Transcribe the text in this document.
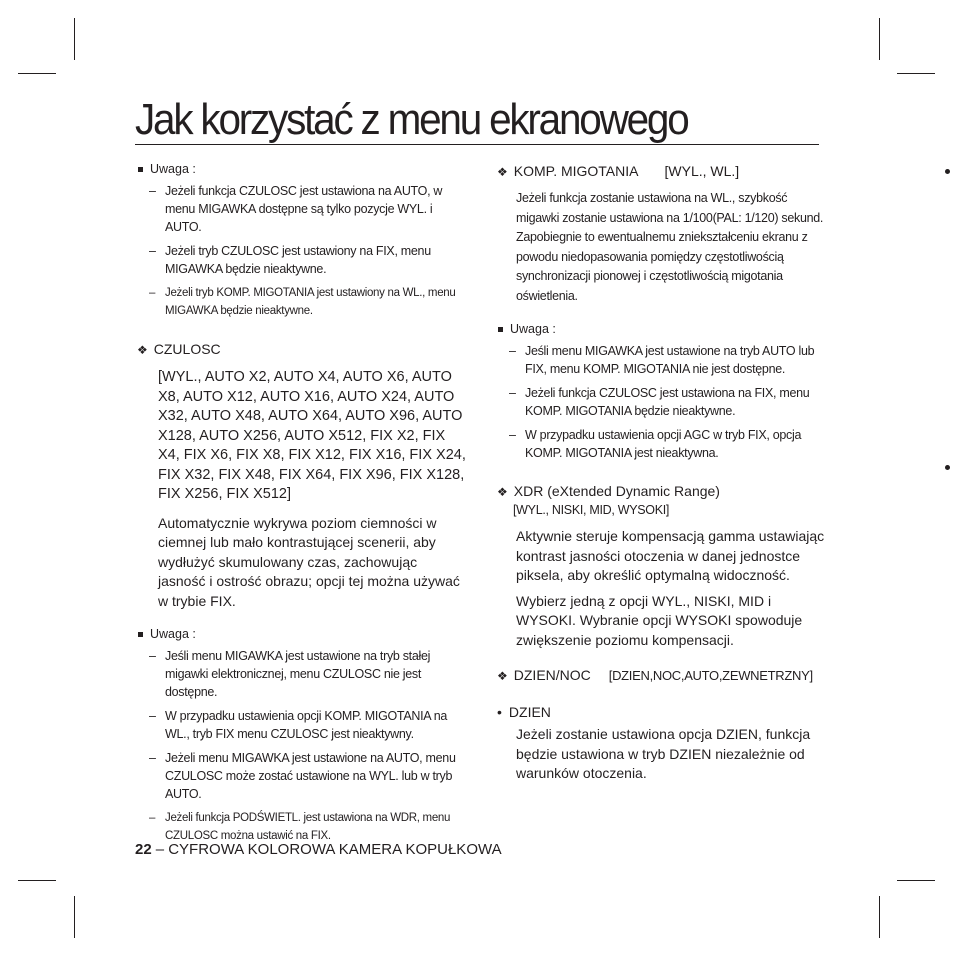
Jak korzystać z menu ekranowego
Uwaga :
– Jeżeli funkcja CZULOSC jest ustawiona na AUTO, w menu MIGAWKA dostępne są tylko pozycje WYL. i AUTO.
– Jeżeli tryb CZULOSC jest ustawiony na FIX, menu MIGAWKA będzie nieaktywne.
– Jeżeli tryb KOMP. MIGOTANIA jest ustawiony na WL., menu MIGAWKA będzie nieaktywne.
❖ CZULOSC
[WYL., AUTO X2, AUTO X4, AUTO X6, AUTO X8, AUTO X12, AUTO X16, AUTO X24, AUTO X32, AUTO X48, AUTO X64, AUTO X96, AUTO X128, AUTO X256, AUTO X512, FIX X2, FIX X4, FIX X6, FIX X8, FIX X12, FIX X16, FIX X24, FIX X32, FIX X48, FIX X64, FIX X96, FIX X128, FIX X256, FIX X512]
Automatycznie wykrywa poziom ciemności w ciemnej lub mało kontrastującej scenerii, aby wydłużyć skumulowany czas, zachowując jasność i ostrość obrazu; opcji tej można używać w trybie FIX.
Uwaga :
– Jeśli menu MIGAWKA jest ustawione na tryb stałej migawki elektronicznej, menu CZULOSC nie jest dostępne.
– W przypadku ustawienia opcji KOMP. MIGOTANIA na WL., tryb FIX menu CZULOSC jest nieaktywny.
– Jeżeli menu MIGAWKA jest ustawione na AUTO, menu CZULOSC może zostać ustawione na WYL. lub w tryb AUTO.
– Jeżeli funkcja PODŚWIETL. jest ustawiona na WDR, menu CZULOSC można ustawić na FIX.
❖ KOMP. MIGOTANIA [WYL., WL.]
Jeżeli funkcja zostanie ustawiona na WL., szybkość migawki zostanie ustawiona na 1/100(PAL: 1/120) sekund. Zapobiegnie to ewentualnemu zniekształceniu ekranu z powodu niedopasowania pomiędzy częstotliwością synchronizacji pionowej i częstotliwością migotania oświetlenia.
Uwaga :
– Jeśli menu MIGAWKA jest ustawione na tryb AUTO lub FIX, menu KOMP. MIGOTANIA nie jest dostępne.
– Jeżeli funkcja CZULOSC jest ustawiona na FIX, menu KOMP. MIGOTANIA będzie nieaktywne.
– W przypadku ustawienia opcji AGC w tryb FIX, opcja KOMP. MIGOTANIA jest nieaktywna.
❖ XDR (eXtended Dynamic Range)
[WYL., NISKI, MID, WYSOKI]
Aktywnie steruje kompensacją gamma ustawiając kontrast jasności otoczenia w danej jednostce piksela, aby określić optymalną widoczność.
Wybierz jedną z opcji WYL., NISKI, MID i WYSOKI. Wybranie opcji WYSOKI spowoduje zwiększenie poziomu kompensacji.
❖ DZIEN/NOC [DZIEN,NOC,AUTO,ZEWNETRZNY]
• DZIEN
Jeżeli zostanie ustawiona opcja DZIEN, funkcja będzie ustawiona w tryb DZIEN niezależnie od warunków otoczenia.
22 – CYFROWA KOLOROWA KAMERA KOPUŁKOWA
